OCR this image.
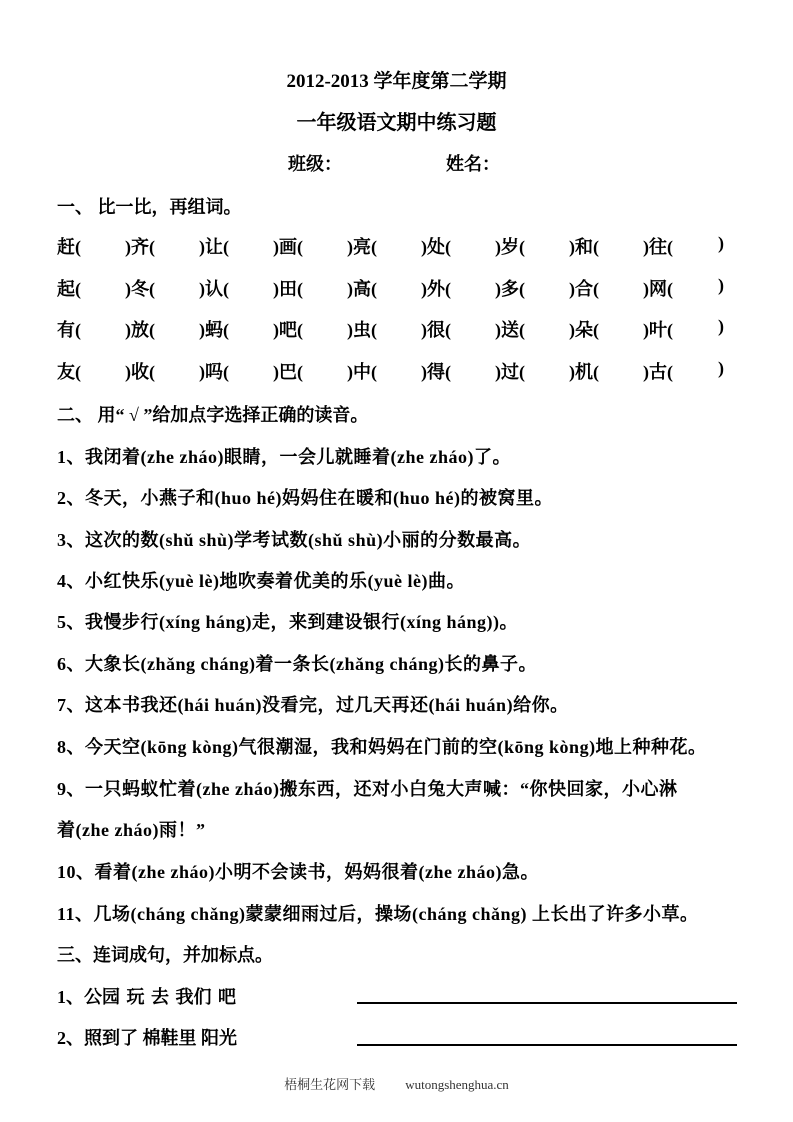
2012-2013 学年度第二学期
一年级语文期中练习题
班级：	姓名：
一、 比一比，再组词。
赶( )齐( )让( )画( )亮( )处( )岁( )和( )往(	)
起( )冬( )认( )田( )高( )外( )多( )合( )网(	)
有( )放( )蚂( )吧( )虫( )很( )送( )朵( )叶(	)
友( )收( )吗( )巴( )中( )得( )过( )机( )古(	)
二、 用“ √ ”给加点字选择正确的读音。
1、我闭着(zhe zháo)眼睛，一会儿就睡着(zhe zháo)了。
2、冬天，小燕子和(huo hé)妈妈住在暖和(huo hé)的被窝里。
3、这次的数(shǔ shù)学考试数(shǔ shù)小丽的分数最高。
4、小红快乐(yuè lè)地吹奏着优美的乐(yuè lè)曲。
5、我慢步行(xíng háng)走，来到建设银行(xíng háng))。
6、大象长(zhǎng cháng)着一条长(zhǎng cháng)长的鼻子。
7、这本书我还(hái huán)没看完，过几天再还(hái huán)给你。
8、今天空(kōng kòng)气很潮湿，我和妈妈在门前的空(kōng kòng)地上种种花。
9、一只蚂蚁忙着(zhe zháo)搬东西，还对小白兔大声喊：“你快回家，小心淋
着(zhe zháo)雨！”
10、看着(zhe zháo)小明不会读书，妈妈很着(zhe zháo)急。
11、几场(cháng chǎng)蒙蒙细雨过后，操场(cháng chǎng) 上长出了许多小草。
三、连词成句，并加标点。
1、公园 玩 去 我们 吧
2、照到了 棉鞋里 阳光
梧桐生花网下载 wutongshenghua.cn
